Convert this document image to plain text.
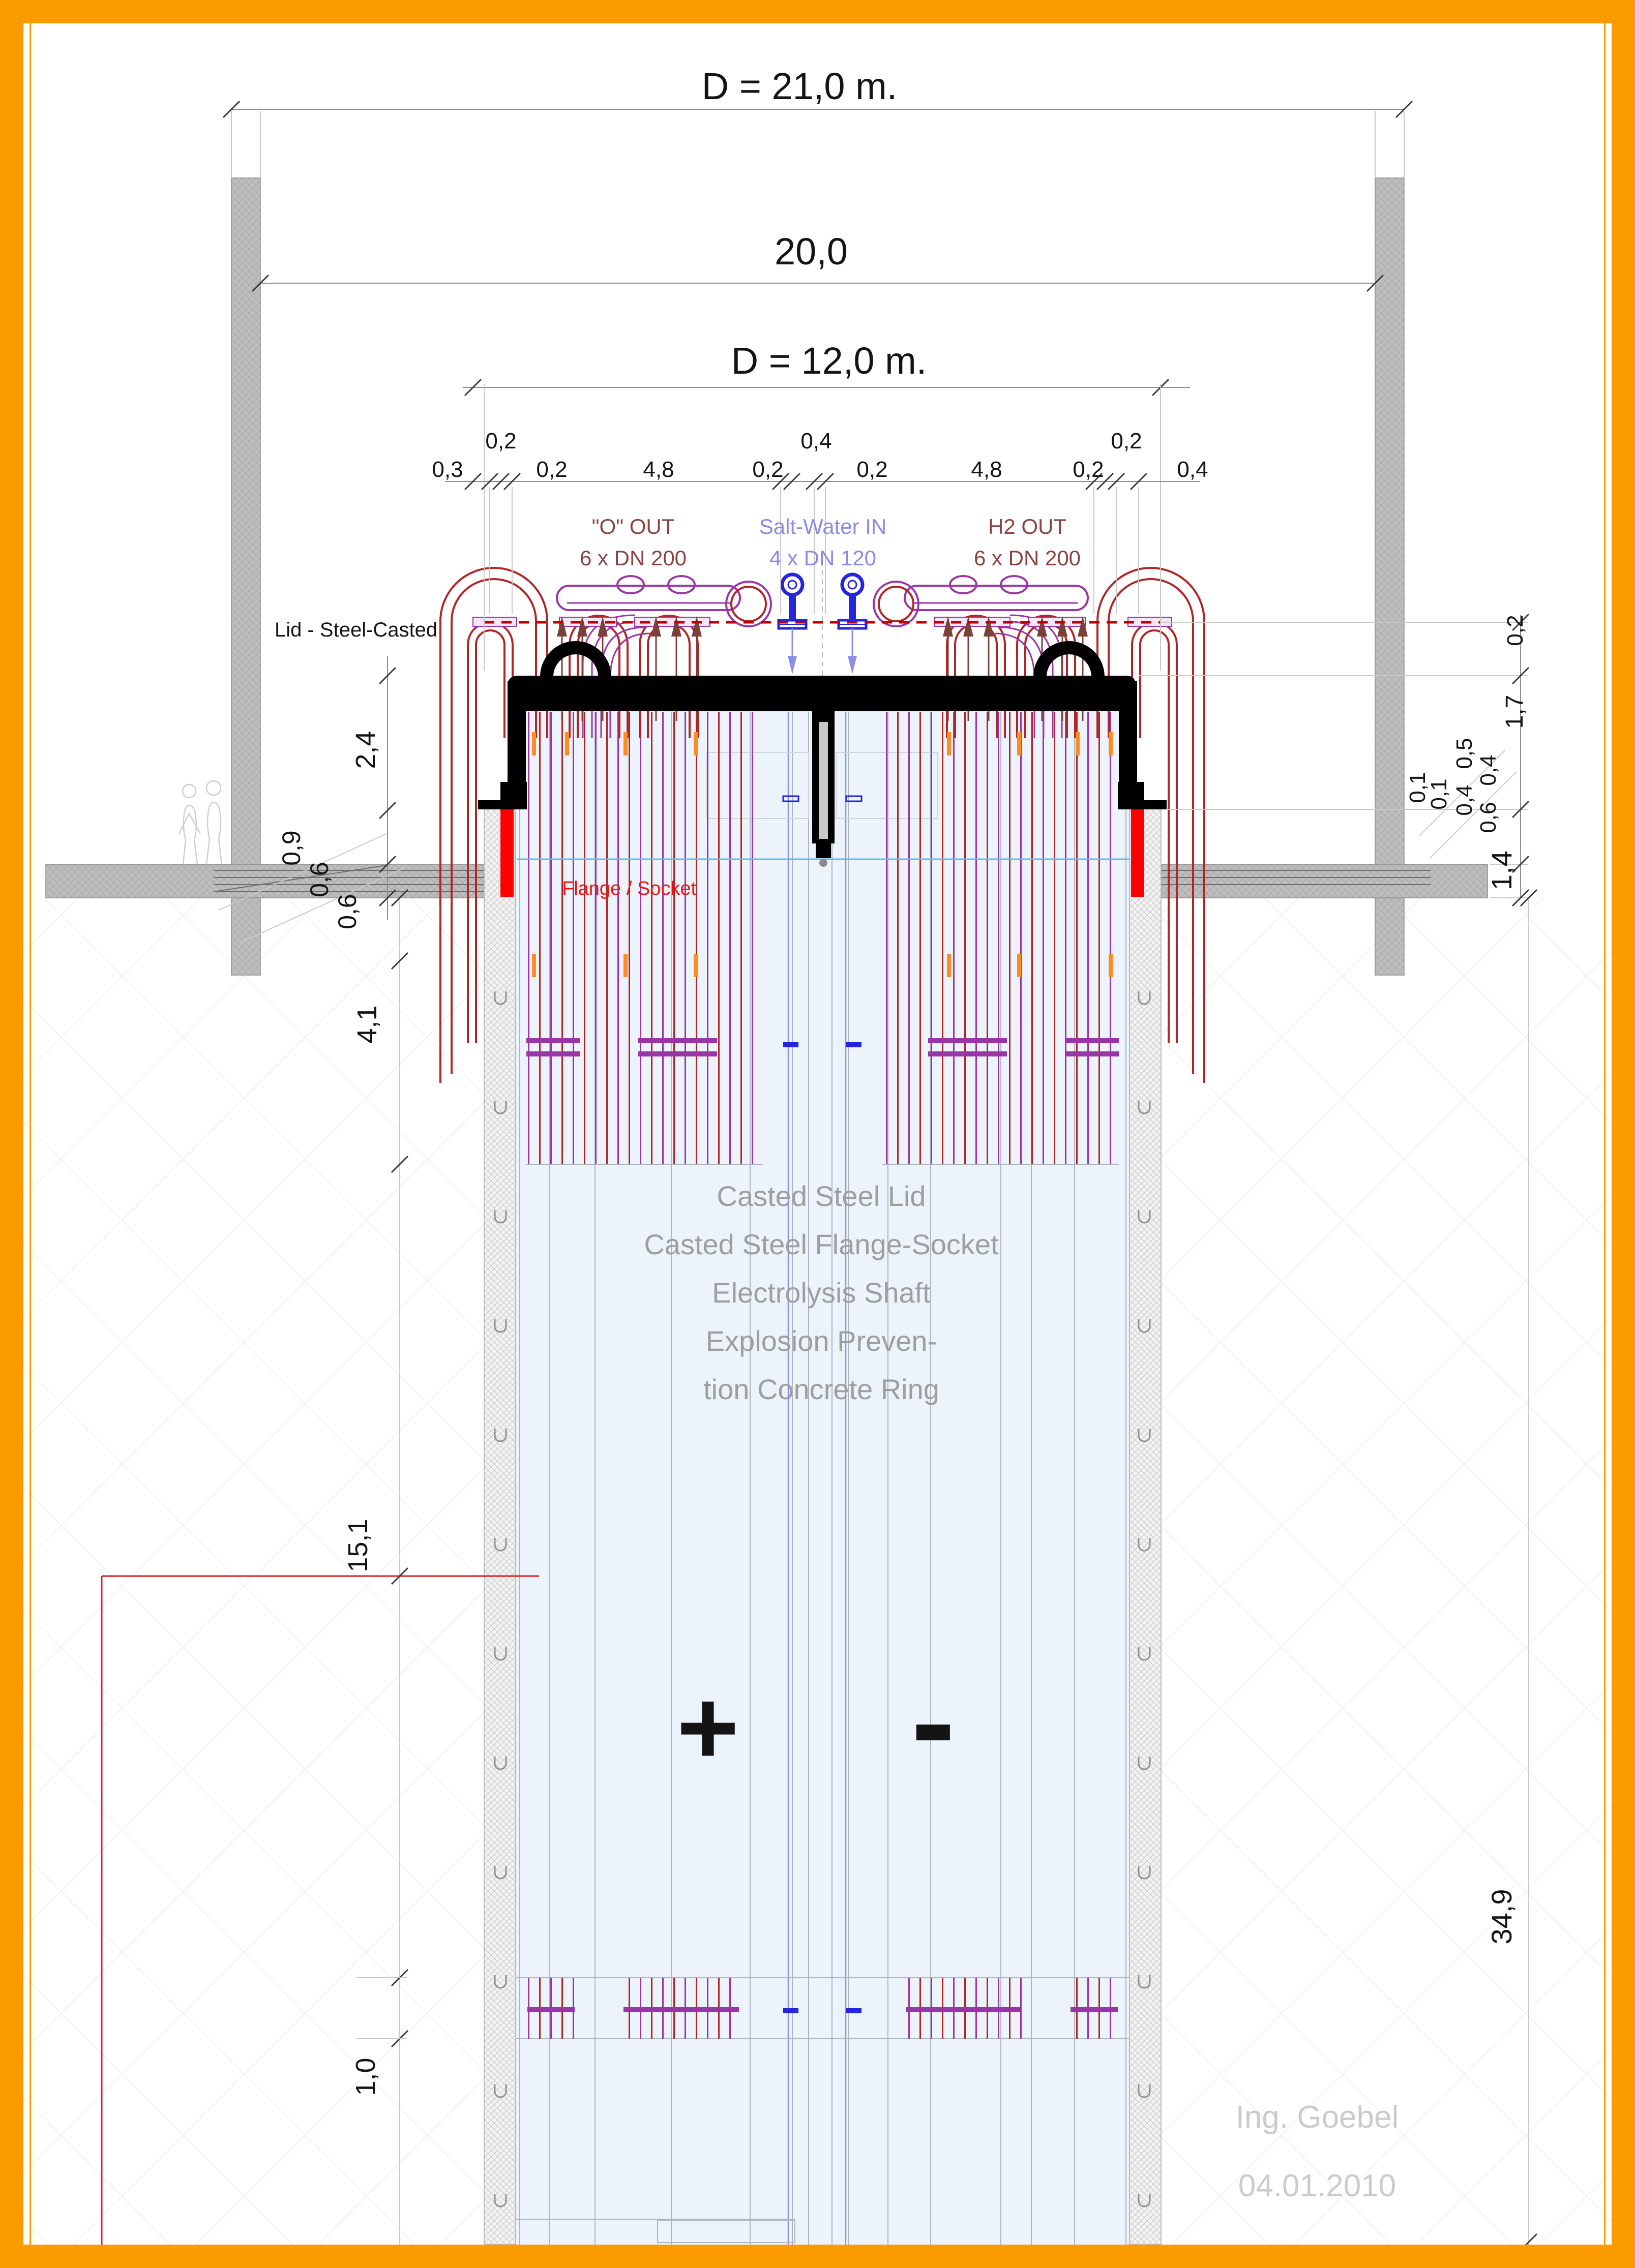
D = 21,0 m.
20,0
D = 12,0 m.
0,2	0,4	0,2
0,3	0,2	4,8	0,2	0,2	4,8	0,2	0,4
"O" OUT
6 x DN 200
Salt-Water IN
4 x DN 120
H2 OUT
6 x DN 200
Lid - Steel-Casted
Flange / Socket
2,4
0,9
0,6
0,6
4,1
15,1
1,0
0,2
1,7
0,5
0,4
0,1
0,1 0,4
0,6
1,4
34,9
Casted Steel Lid
Casted Steel Flange-Socket
Electrolysis Shaft
Explosion Preven-
tion Concrete Ring
+ -
Ing. Goebel
04.01.2010
